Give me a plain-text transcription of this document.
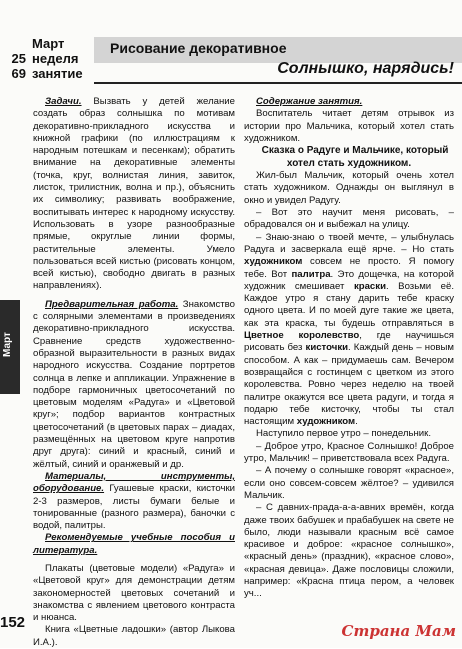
Март
25 неделя
69 занятие
Рисование декоративное
Солнышко, нарядись!
Март
152

Задачи. Вызвать у детей желание создать образ солнышка по мотивам декоративно-прикладного искусства и книжной графики (по иллюстрациям к народным потешкам и песенкам); обратить внимание на декоративные элементы (точка, круг, волнистая линия, завиток, листок, трилистник, волна и пр.), объяснить их символику; развивать воображение, воспитывать интерес к народному искусству. Использовать в узоре разнообразные прямые, округлые линии формы, растительные элементы. Умело пользоваться всей кистью (рисовать концом, всей кистью), свободно двигать в разных направлениях).

Предварительная работа. Знакомство с солярными элементами в произведениях декоративно-прикладного искусства. Сравнение средств художественно-образной выразительности в разных видах народного искусства. Создание портретов солнца в лепке и аппликации. Упражнение в подборе гармоничных цветосочетаний по цветовым моделям «Радуга» и «Цветовой круг»; подбор вариантов контрастных цветосочетаний (в цветовых парах – диадах, размещённых на цветовом круге напротив друг друга): синий и красный, синий и жёлтый, синий и оранжевый и др.

Материалы, инструменты, оборудование. Гуашевые краски, кисточки 2-3 размеров, листы бумаги белые и тонированные (разного размера), баночки с водой, палитры.

Рекомендуемые учебные пособия и литература.

Плакаты (цветовые модели) «Радуга» и «Цветовой круг» для демонстрации детям закономерностей цветовых сочетаний и знакомства с явлением цветового контраста и нюанса.

Книга «Цветные ладошки» (автор Лыкова И.А.).

Содержание занятия.

Воспитатель читает детям отрывок из истории про Мальчика, который хотел стать художником.

Сказка о Радуге и Мальчике, который хотел стать художником.

Жил-был Мальчик, который очень хотел стать художником. Однажды он выглянул в окно и увидел Радугу.

– Вот это научит меня рисовать, – обрадовался он и выбежал на улицу.

– Знаю-знаю о твоей мечте, – улыбнулась Радуга и засверкала ещё ярче. – Но стать художником совсем не просто. Я помогу тебе. Вот палитра. Это дощечка, на которой художник смешивает краски. Возьми её. Каждое утро я стану дарить тебе краску одного цвета. И по моей дуге такие же цвета, как эта краска, ты будешь отправляться в Цветное королевство, где научишься рисовать без кисточки. Каждый день – новым способом. А как – придумаешь сам. Вечером возвращайся с гостинцем с цветком из этого королевства. Ровно через неделю на твоей палитре окажутся все цвета радуги, и тогда я подарю тебе кисточку, чтобы ты стал настоящим художником.

Наступило первое утро – понедельник.

– Доброе утро, Красное Солнышко! Доброе утро, Мальчик! – приветствовала всех Радуга.

– А почему о солнышке говорят «красное», если оно совсем-совсем жёлтое? – удивился Мальчик.

– С давних-прада-а-а-авних времён, когда даже твоих бабушек и прабабушек на свете не было, люди называли красным всё самое красивое и доброе: «красное солнышко», «красный день» (праздник), «красное слово», «красная девица». Даже пословицы сложили, например: «Красна птица пером, а человек уч...

Страна Мам
